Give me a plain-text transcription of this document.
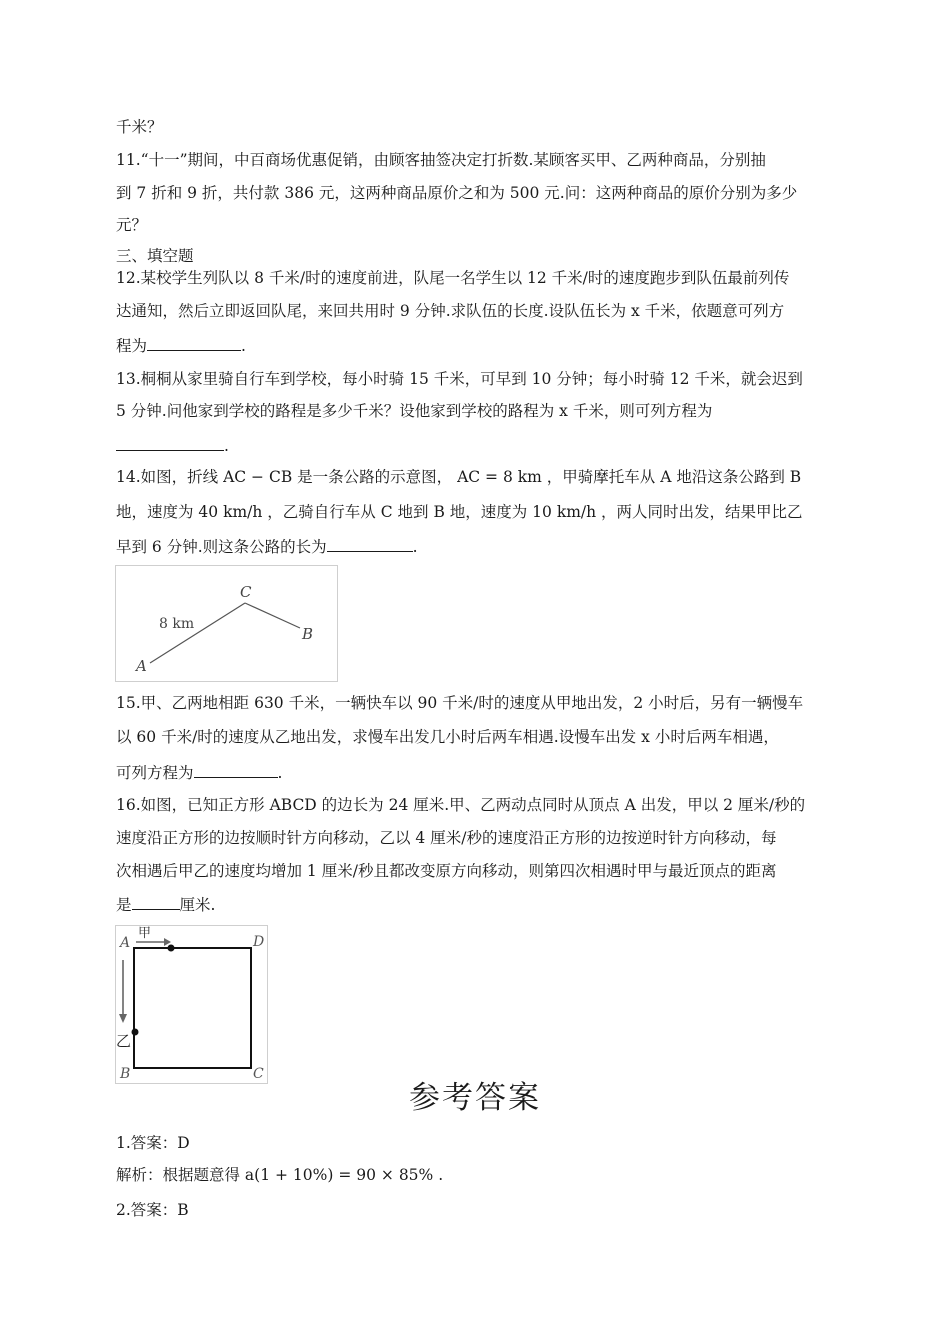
千米？
11.“十一”期间，中百商场优惠促销，由顾客抽签决定打折数.某顾客买甲、乙两种商品，分别抽
到 7 折和 9 折，共付款 386 元，这两种商品原价之和为 500 元.问：这两种商品的原价分别为多少
元？
三、填空题
12.某校学生列队以 8 千米/时的速度前进，队尾一名学生以 12 千米/时的速度跑步到队伍最前列传
达通知，然后立即返回队尾，来回共用时 9 分钟.求队伍的长度.设队伍长为 x 千米，依题意可列方
程为	.
13.桐桐从家里骑自行车到学校，每小时骑 15 千米，可早到 10 分钟；每小时骑 12 千米，就会迟到
5 分钟.问他家到学校的路程是多少千米？设他家到学校的路程为 x 千米，则可列方程为
.
14.如图，折线 AC − CB 是一条公路的示意图， AC = 8 km ，甲骑摩托车从 A 地沿这条公路到 B
地，速度为 40 km/h ，乙骑自行车从 C 地到 B 地，速度为 10 km/h ，两人同时出发，结果甲比乙
早到 6 分钟.则这条公路的长为	.
C
A
B
8 km
15.甲、乙两地相距 630 千米，一辆快车以 90 千米/时的速度从甲地出发，2 小时后，另有一辆慢车
以 60 千米/时的速度从乙地出发，求慢车出发几小时后两车相遇.设慢车出发 x 小时后两车相遇，
可列方程为	.
16.如图，已知正方形 ABCD 的边长为 24 厘米.甲、乙两动点同时从顶点 A 出发，甲以 2 厘米/秒的
速度沿正方形的边按顺时针方向移动，乙以 4 厘米/秒的速度沿正方形的边按逆时针方向移动，每
次相遇后甲乙的速度均增加 1 厘米/秒且都改变原方向移动，则第四次相遇时甲与最近顶点的距离
是	厘米.
A	D
B	C
甲
乙
参考答案
1.答案：D
解析：根据题意得 a(1 + 10%) = 90 × 85% .
2.答案：B
